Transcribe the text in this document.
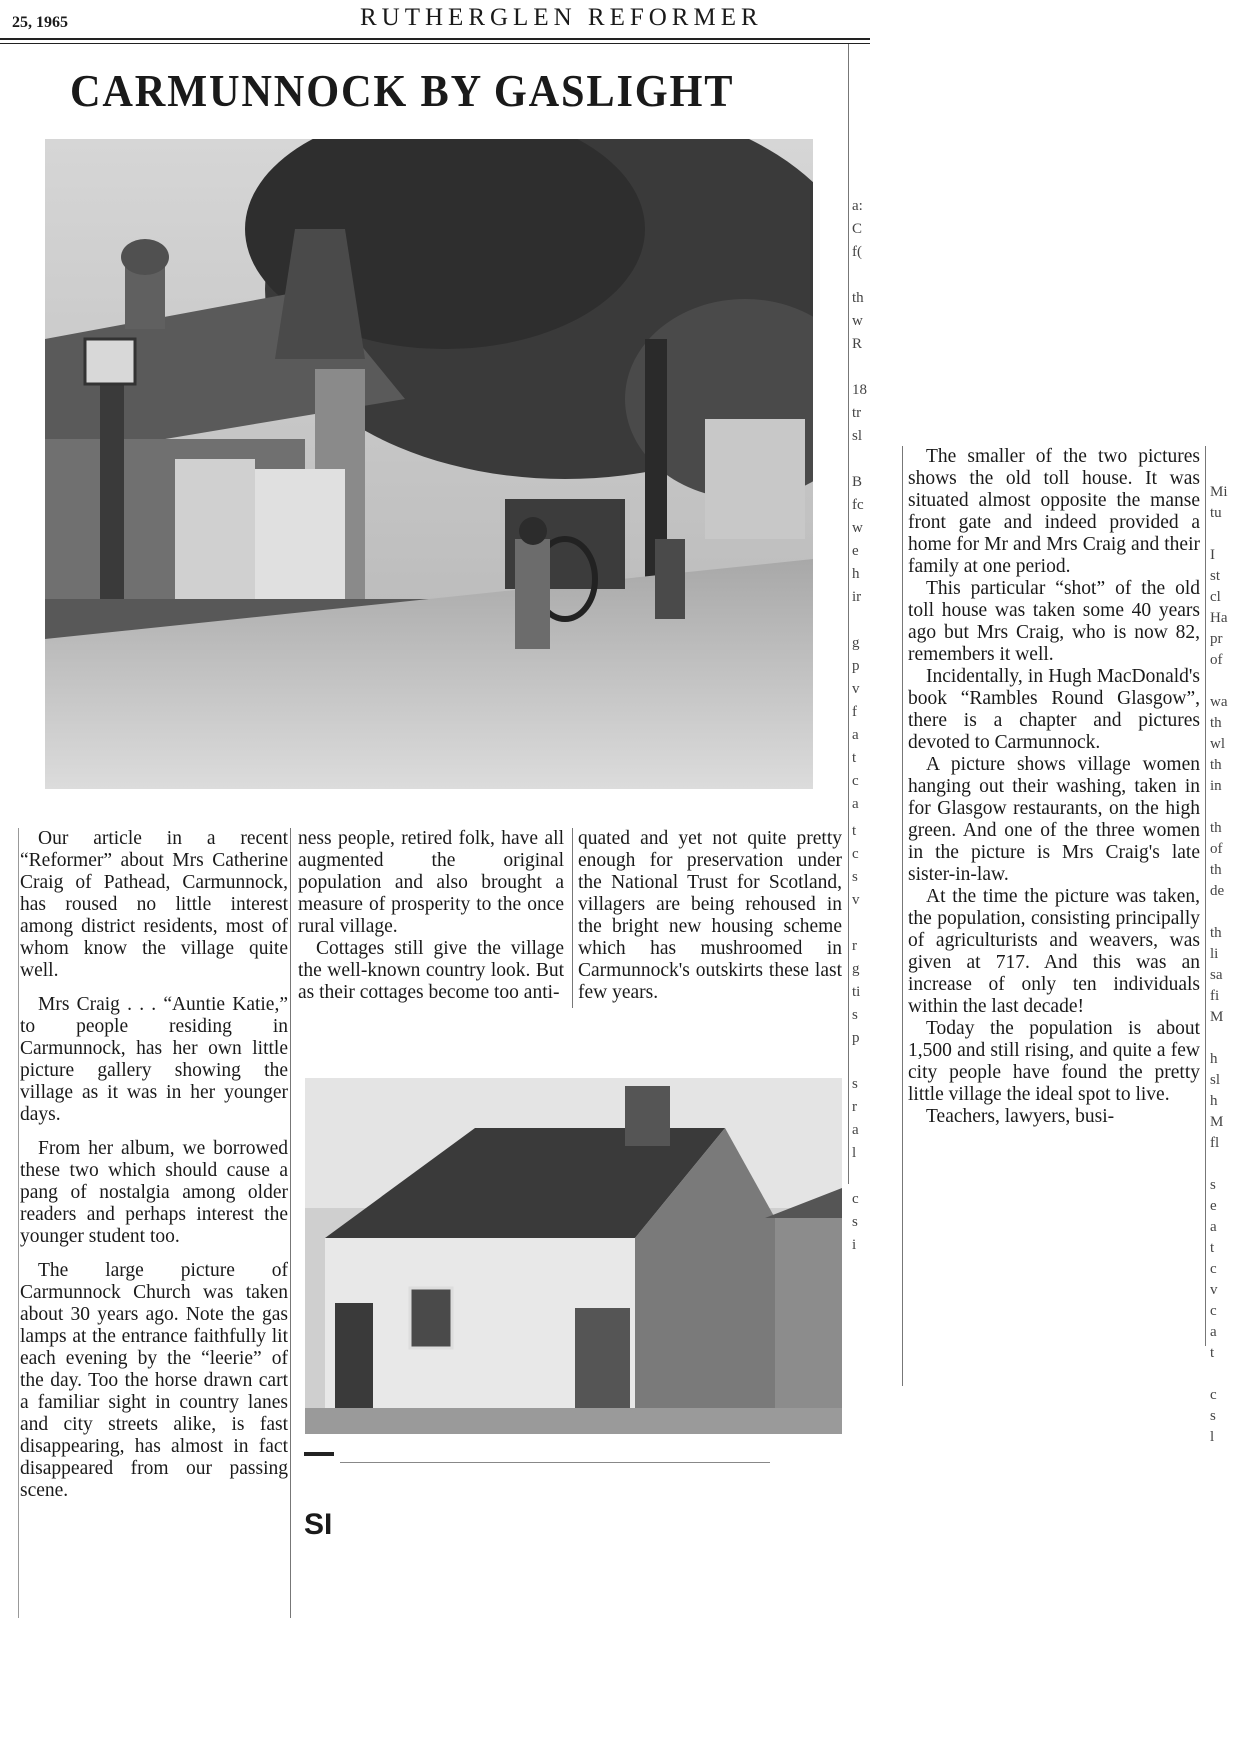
25, 1965	RUTHERGLEN REFORMER
CARMUNNOCK BY GASLIGHT

Our article in a recent “Reformer” about Mrs Catherine Craig of Pathead, Carmunnock, has roused no little interest among district residents, most of whom know the village quite well.

Mrs Craig . . . “Auntie Katie,” to people residing in Carmunnock, has her own little picture gallery showing the village as it was in her younger days.

From her album, we borrowed these two which should cause a pang of nostalgia among older readers and perhaps interest the younger student too.

The large picture of Carmunnock Church was taken about 30 years ago. Note the gas lamps at the entrance faithfully lit each evening by the “leerie” of the day. Too the horse drawn cart a familiar sight in country lanes and city streets alike, is fast disappearing, has almost in fact disappeared from our passing scene.

ness people, retired folk, have all augmented the original population and also brought a measure of prosperity to the once rural village.

Cottages still give the village the well-known country look. But as their cottages become too anti-

quated and yet not quite pretty enough for preservation under the National Trust for Scotland, villagers are being rehoused in the bright new housing scheme which has mushroomed in Carmunnock's outskirts these last few years.

The smaller of the two pictures shows the old toll house. It was situated almost opposite the manse front gate and indeed provided a home for Mr and Mrs Craig and their family at one period.

This particular “shot” of the old toll house was taken some 40 years ago but Mrs Craig, who is now 82, remembers it well.

Incidentally, in Hugh MacDonald's book “Rambles Round Glasgow”, there is a chapter and pictures devoted to Carmunnock.

A picture shows village women hanging out their washing, taken in for Glasgow restaurants, on the high green. And one of the three women in the picture is Mrs Craig's late sister-in-law.

At the time the picture was taken, the population, consisting principally of agriculturists and weavers, was given at 717. And this was an increase of only ten individuals within the last decade!

Today the population is about 1,500 and still rising, and quite a few city people have found the pretty little village the ideal spot to live.

Teachers, lawyers, busi-

a:
C
f(

th
w
R

18
tr
sl

B
fc
w
e
h
ir

g
p
v
f
a
t
c
a
t
c
s
v

r
g
ti
s
p

s
r
a
l

c
s
i
Mi
tu

I
st
cl
Ha
pr
of

wa
th
wl
th
in

th
of
th
de

th
li
sa
fi
M

h
sl
h
M
fl

s
e
a
t
c
v
c
a
t

c
s
l
SI
